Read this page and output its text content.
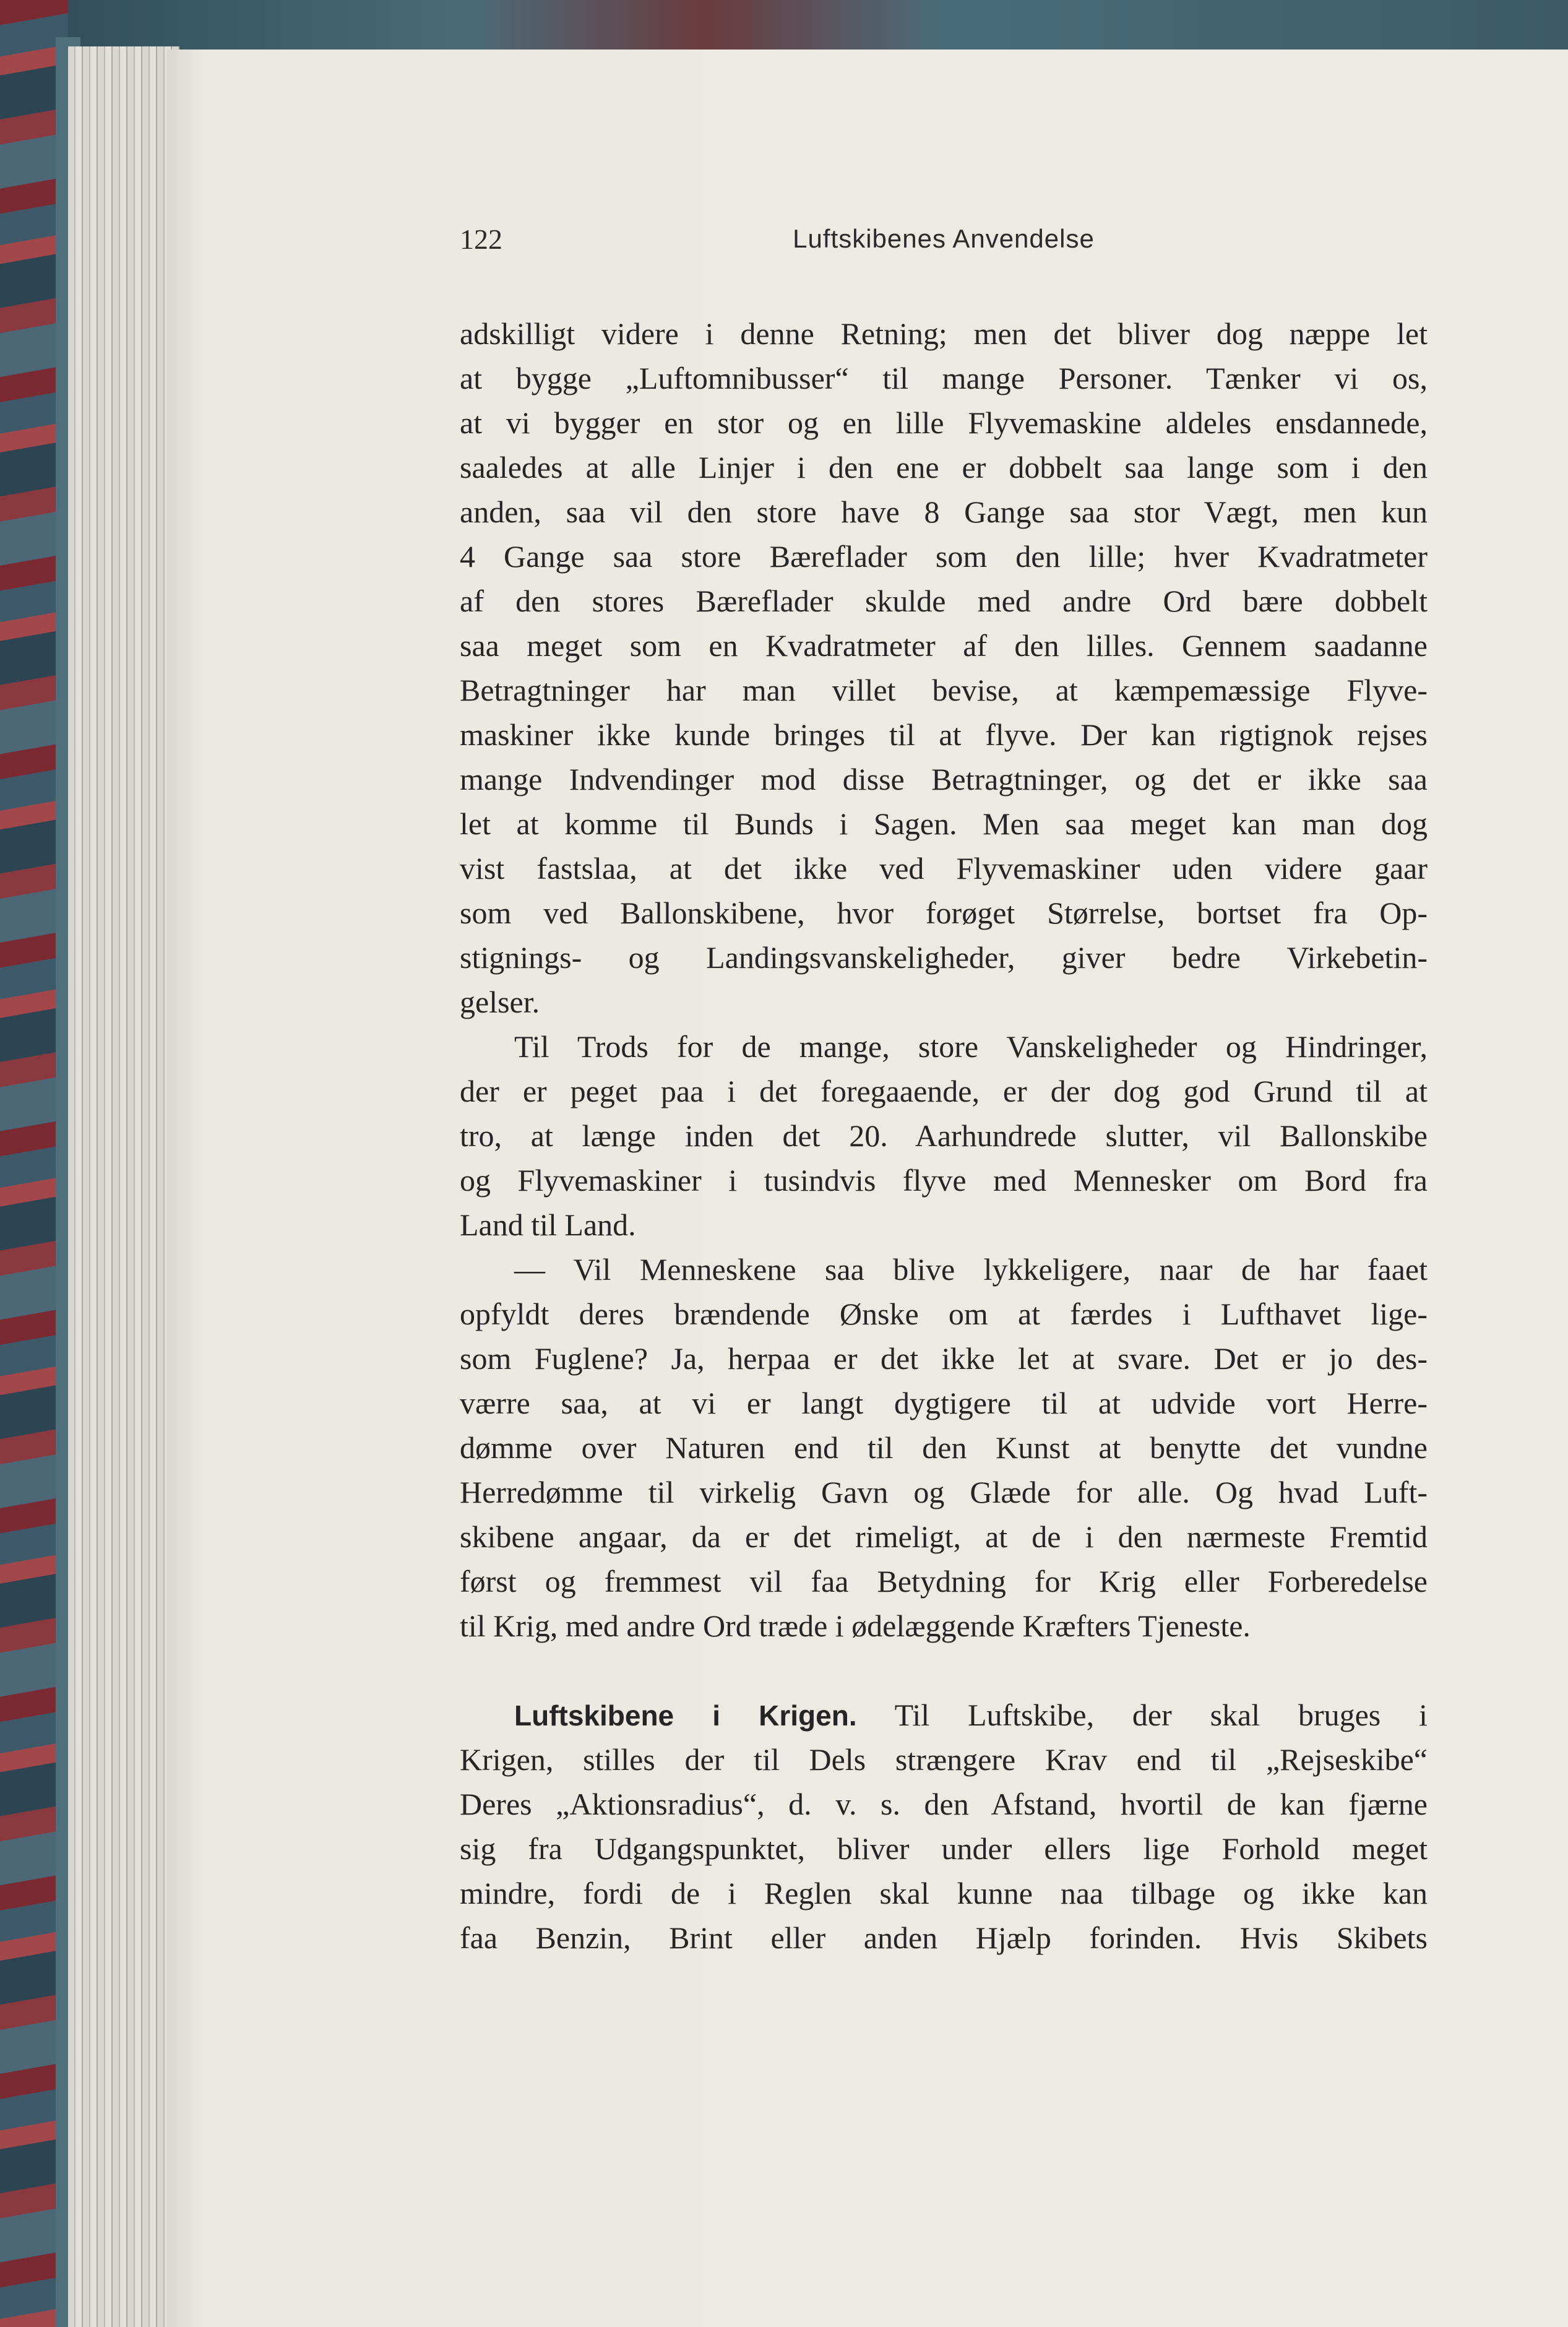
122	Luftskibenes Anvendelse
adskilligt videre i denne Retning; men det bliver dog næppe let
at bygge „Luftomnibusser“ til mange Personer. Tænker vi os,
at vi bygger en stor og en lille Flyvemaskine aldeles ensdannede,
saaledes at alle Linjer i den ene er dobbelt saa lange som i den
anden, saa vil den store have 8 Gange saa stor Vægt, men kun
4 Gange saa store Bæreflader som den lille; hver Kvadratmeter
af den stores Bæreflader skulde med andre Ord bære dobbelt
saa meget som en Kvadratmeter af den lilles. Gennem saadanne
Betragtninger har man villet bevise, at kæmpemæssige Flyve-
maskiner ikke kunde bringes til at flyve. Der kan rigtignok rejses
mange Indvendinger mod disse Betragtninger, og det er ikke saa
let at komme til Bunds i Sagen. Men saa meget kan man dog
vist fastslaa, at det ikke ved Flyvemaskiner uden videre gaar
som ved Ballonskibene, hvor forøget Størrelse, bortset fra Op-
stignings- og Landingsvanskeligheder, giver bedre Virkebetin-
gelser.
Til Trods for de mange, store Vanskeligheder og Hindringer,
der er peget paa i det foregaaende, er der dog god Grund til at
tro, at længe inden det 20. Aarhundrede slutter, vil Ballonskibe
og Flyvemaskiner i tusindvis flyve med Mennesker om Bord fra
Land til Land.
— Vil Menneskene saa blive lykkeligere, naar de har faaet
opfyldt deres brændende Ønske om at færdes i Lufthavet lige-
som Fuglene? Ja, herpaa er det ikke let at svare. Det er jo des-
værre saa, at vi er langt dygtigere til at udvide vort Herre-
dømme over Naturen end til den Kunst at benytte det vundne
Herredømme til virkelig Gavn og Glæde for alle. Og hvad Luft-
skibene angaar, da er det rimeligt, at de i den nærmeste Fremtid
først og fremmest vil faa Betydning for Krig eller Forberedelse
til Krig, med andre Ord træde i ødelæggende Kræfters Tjeneste.
Luftskibene i Krigen. Til Luftskibe, der skal bruges i
Krigen, stilles der til Dels strængere Krav end til „Rejseskibe“
Deres „Aktionsradius“, d. v. s. den Afstand, hvortil de kan fjærne
sig fra Udgangspunktet, bliver under ellers lige Forhold meget
mindre, fordi de i Reglen skal kunne naa tilbage og ikke kan
faa Benzin, Brint eller anden Hjælp forinden. Hvis Skibets
